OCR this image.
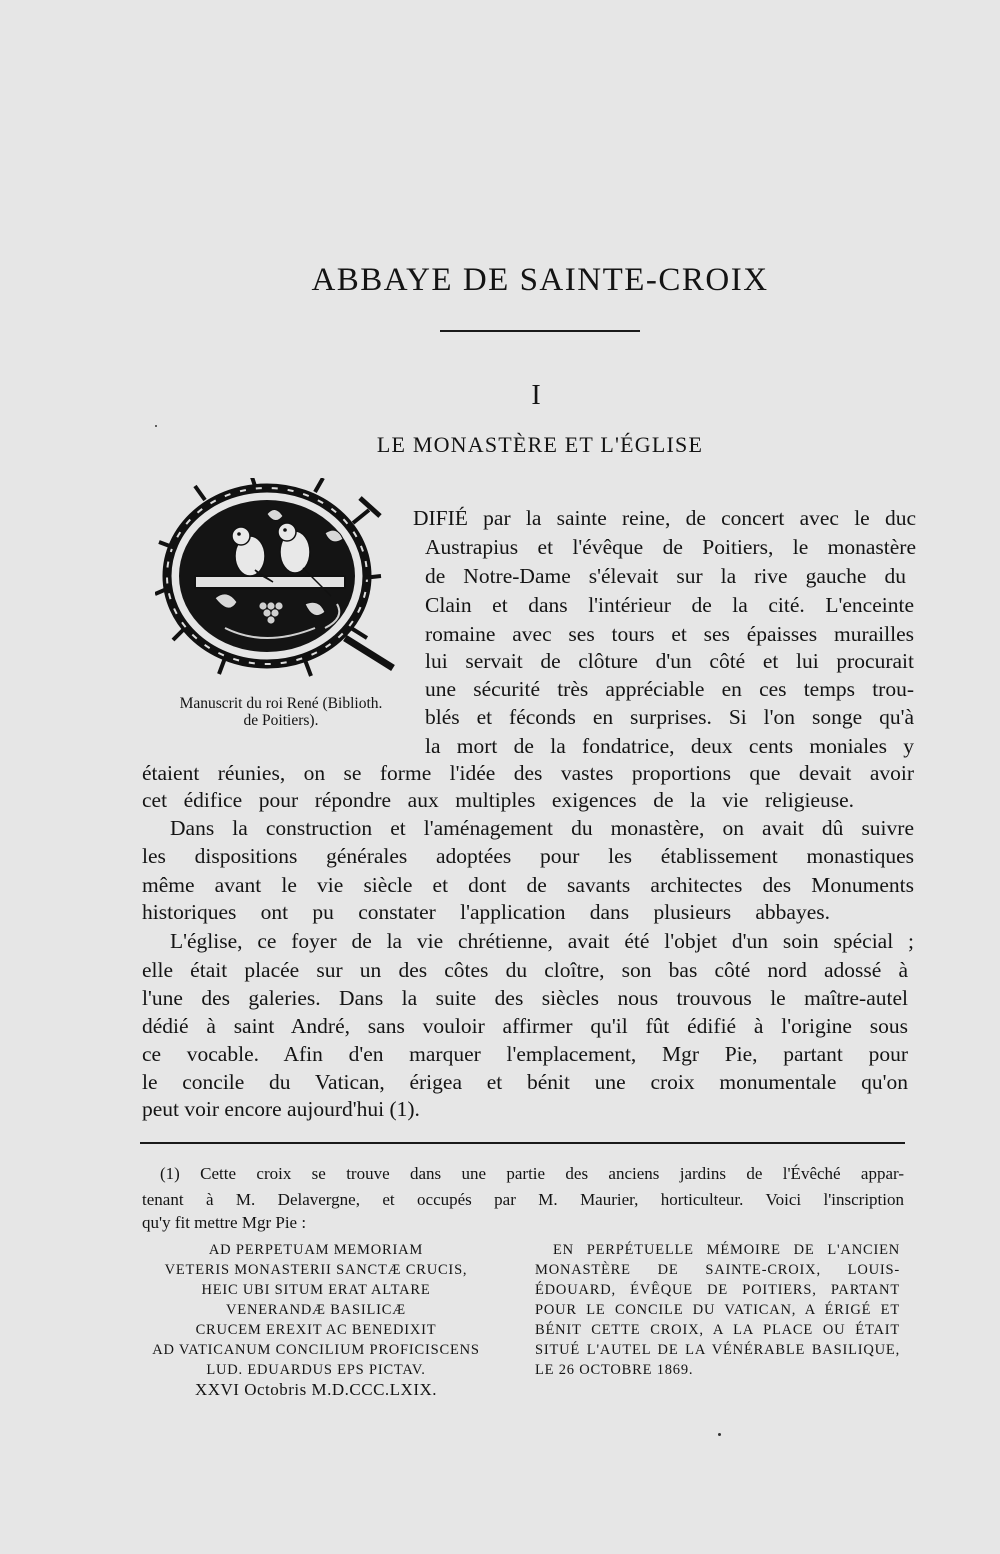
ABBAYE DE SAINTE-CROIX
I
LE MONASTÈRE ET L'ÉGLISE
Manuscrit du roi René (Biblioth.
de Poitiers).
DIFIÉ par la sainte reine, de concert avec le duc
Austrapius et l'évêque de Poitiers, le monastère
de Notre-Dame s'élevait sur la rive gauche du
Clain et dans l'intérieur de la cité. L'enceinte
romaine avec ses tours et ses épaisses murailles
lui servait de clôture d'un côté et lui procurait
une sécurité très appréciable en ces temps trou-
blés et féconds en surprises. Si l'on songe qu'à
la mort de la fondatrice, deux cents moniales y
étaient réunies, on se forme l'idée des vastes proportions que devait avoir
cet édifice pour répondre aux multiples exigences de la vie religieuse.
Dans la construction et l'aménagement du monastère, on avait dû suivre
les dispositions générales adoptées pour les établissement monastiques
même avant le vie siècle et dont de savants architectes des Monuments
historiques ont pu constater l'application dans plusieurs abbayes.
L'église, ce foyer de la vie chrétienne, avait été l'objet d'un soin spécial ;
elle était placée sur un des côtes du cloître, son bas côté nord adossé à
l'une des galeries. Dans la suite des siècles nous trouvous le maître-autel
dédié à saint André, sans vouloir affirmer qu'il fût édifié à l'origine sous
ce vocable. Afin d'en marquer l'emplacement, Mgr Pie, partant pour
le concile du Vatican, érigea et bénit une croix monumentale qu'on
peut voir encore aujourd'hui (1).
(1) Cette croix se trouve dans une partie des anciens jardins de l'Évêché appar-
tenant à M. Delavergne, et occupés par M. Maurier, horticulteur. Voici l'inscription
qu'y fit mettre Mgr Pie :
AD PERPETUAM MEMORIAM
VETERIS MONASTERII SANCTÆ CRUCIS,
HEIC UBI SITUM ERAT ALTARE
VENERANDÆ BASILICÆ
CRUCEM EREXIT AC BENEDIXIT
AD VATICANUM CONCILIUM PROFICISCENS
LUD. EDUARDUS EPS PICTAV.
XXVI Octobris M.D.CCC.LXIX.
EN PERPÉTUELLE MÉMOIRE DE L'ANCIEN
MONASTÈRE DE SAINTE-CROIX, LOUIS-
ÉDOUARD, ÉVÊQUE DE POITIERS, PARTANT
POUR LE CONCILE DU VATICAN, A ÉRIGÉ ET
BÉNIT CETTE CROIX, A LA PLACE OU ÉTAIT
SITUÉ L'AUTEL DE LA VÉNÉRABLE BASILIQUE,
LE 26 OCTOBRE 1869.
